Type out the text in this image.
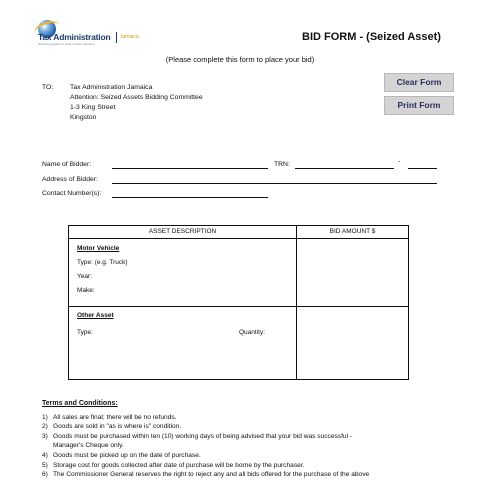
Tax Administration Jamaica
Working together to build a better Jamaica
BID FORM - (Seized Asset)
(Please complete this form to place your bid)
Clear Form
Print Form
TO: Tax Administration Jamaica
Attention: Seized Assets Bidding Committee
1-3 King Street
Kingston
Name of Bidder:	TRN:	-
Address of Bidder:
Contact Number(s):
ASSET DESCRIPTION	BID AMOUNT $
Motor Vehicle
Type: (e.g. Truck)
Year:
Make:
Other Asset
Type:	Quantity:
Terms and Conditions:
1) All sales are final; there will be no refunds.
2) Goods are sold in "as is where is" condition.
3) Goods must be purchased within ten (10) working days of being advised that your bid was successful -
Manager's Cheque only.
4) Goods must be picked up on the date of purchase.
5) Storage cost for goods collected after date of purchase will be borne by the purchaser.
6) The Commissioner General reserves the right to reject any and all bids offered for the purchase of the above
